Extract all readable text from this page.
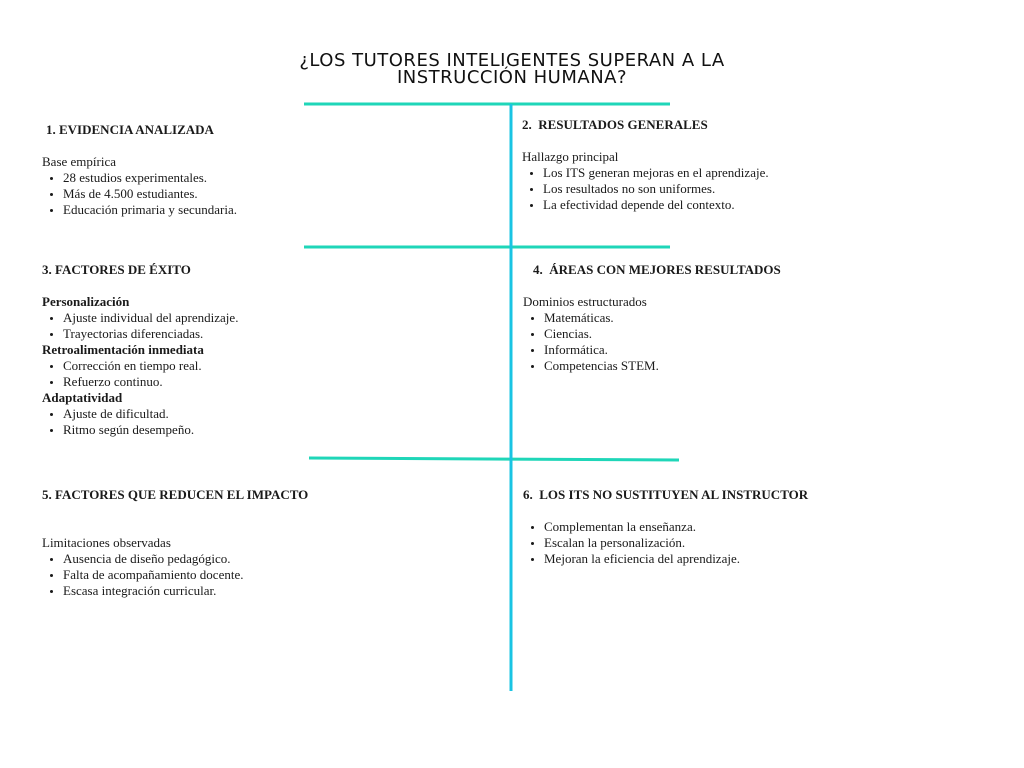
¿LOS TUTORES INTELIGENTES SUPERAN A LA
INSTRUCCIÓN HUMANA?
1. EVIDENCIA ANALIZADA
Base empírica
• 28 estudios experimentales.
• Más de 4.500 estudiantes.
• Educación primaria y secundaria.
2.  RESULTADOS GENERALES
Hallazgo principal
• Los ITS generan mejoras en el aprendizaje.
• Los resultados no son uniformes.
• La efectividad depende del contexto.
3. FACTORES DE ÉXITO
Personalización
• Ajuste individual del aprendizaje.
• Trayectorias diferenciadas.
Retroalimentación inmediata
• Corrección en tiempo real.
• Refuerzo continuo.
Adaptatividad
• Ajuste de dificultad.
• Ritmo según desempeño.
4.  ÁREAS CON MEJORES RESULTADOS
Dominios estructurados
• Matemáticas.
• Ciencias.
• Informática.
• Competencias STEM.
5. FACTORES QUE REDUCEN EL IMPACTO
Limitaciones observadas
• Ausencia de diseño pedagógico.
• Falta de acompañamiento docente.
• Escasa integración curricular.
6.  LOS ITS NO SUSTITUYEN AL INSTRUCTOR
• Complementan la enseñanza.
• Escalan la personalización.
• Mejoran la eficiencia del aprendizaje.
